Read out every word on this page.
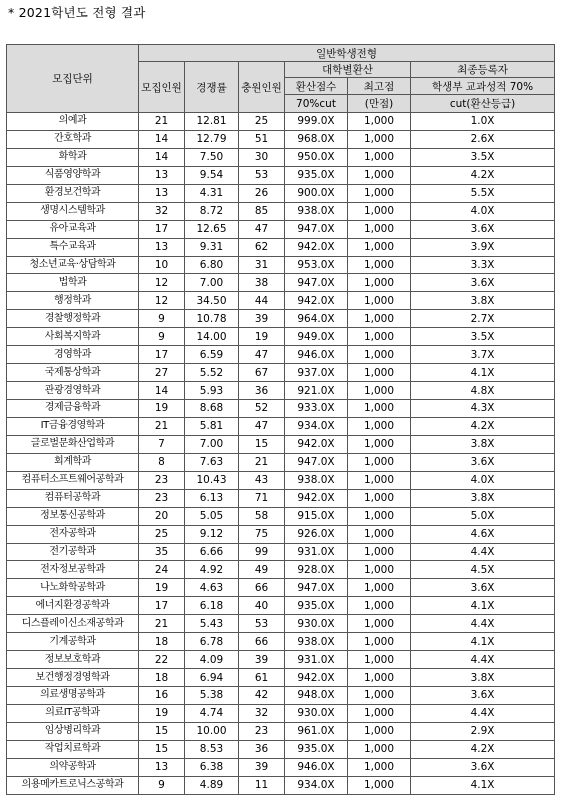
* 2021학년도 전형 결과
모집단위	일반학생전형					
	모집인원	경쟁률	충원인원	대학별환산		최종등록자
				환산점수	최고점	학생부 교과성적 70%
				70%cut	(만점)	cut(환산등급)
의예과	21	12.81	25	999.0X	1,000	1.0X
간호학과	14	12.79	51	968.0X	1,000	2.6X
화학과	14	7.50	30	950.0X	1,000	3.5X
식품영양학과	13	9.54	53	935.0X	1,000	4.2X
환경보건학과	13	4.31	26	900.0X	1,000	5.5X
생명시스템학과	32	8.72	85	938.0X	1,000	4.0X
유아교육과	17	12.65	47	947.0X	1,000	3.6X
특수교육과	13	9.31	62	942.0X	1,000	3.9X
청소년교육·상담학과	10	6.80	31	953.0X	1,000	3.3X
법학과	12	7.00	38	947.0X	1,000	3.6X
행정학과	12	34.50	44	942.0X	1,000	3.8X
경찰행정학과	9	10.78	39	964.0X	1,000	2.7X
사회복지학과	9	14.00	19	949.0X	1,000	3.5X
경영학과	17	6.59	47	946.0X	1,000	3.7X
국제통상학과	27	5.52	67	937.0X	1,000	4.1X
관광경영학과	14	5.93	36	921.0X	1,000	4.8X
경제금융학과	19	8.68	52	933.0X	1,000	4.3X
IT금융경영학과	21	5.81	47	934.0X	1,000	4.2X
글로벌문화산업학과	7	7.00	15	942.0X	1,000	3.8X
회계학과	8	7.63	21	947.0X	1,000	3.6X
컴퓨터소프트웨어공학과	23	10.43	43	938.0X	1,000	4.0X
컴퓨터공학과	23	6.13	71	942.0X	1,000	3.8X
정보통신공학과	20	5.05	58	915.0X	1,000	5.0X
전자공학과	25	9.12	75	926.0X	1,000	4.6X
전기공학과	35	6.66	99	931.0X	1,000	4.4X
전자정보공학과	24	4.92	49	928.0X	1,000	4.5X
나노화학공학과	19	4.63	66	947.0X	1,000	3.6X
에너지환경공학과	17	6.18	40	935.0X	1,000	4.1X
디스플레이신소재공학과	21	5.43	53	930.0X	1,000	4.4X
기계공학과	18	6.78	66	938.0X	1,000	4.1X
정보보호학과	22	4.09	39	931.0X	1,000	4.4X
보건행정경영학과	18	6.94	61	942.0X	1,000	3.8X
의료생명공학과	16	5.38	42	948.0X	1,000	3.6X
의료IT공학과	19	4.74	32	930.0X	1,000	4.4X
임상병리학과	15	10.00	23	961.0X	1,000	2.9X
작업치료학과	15	8.53	36	935.0X	1,000	4.2X
의약공학과	13	6.38	39	946.0X	1,000	3.6X
의용메카트로닉스공학과	9	4.89	11	934.0X	1,000	4.1X
